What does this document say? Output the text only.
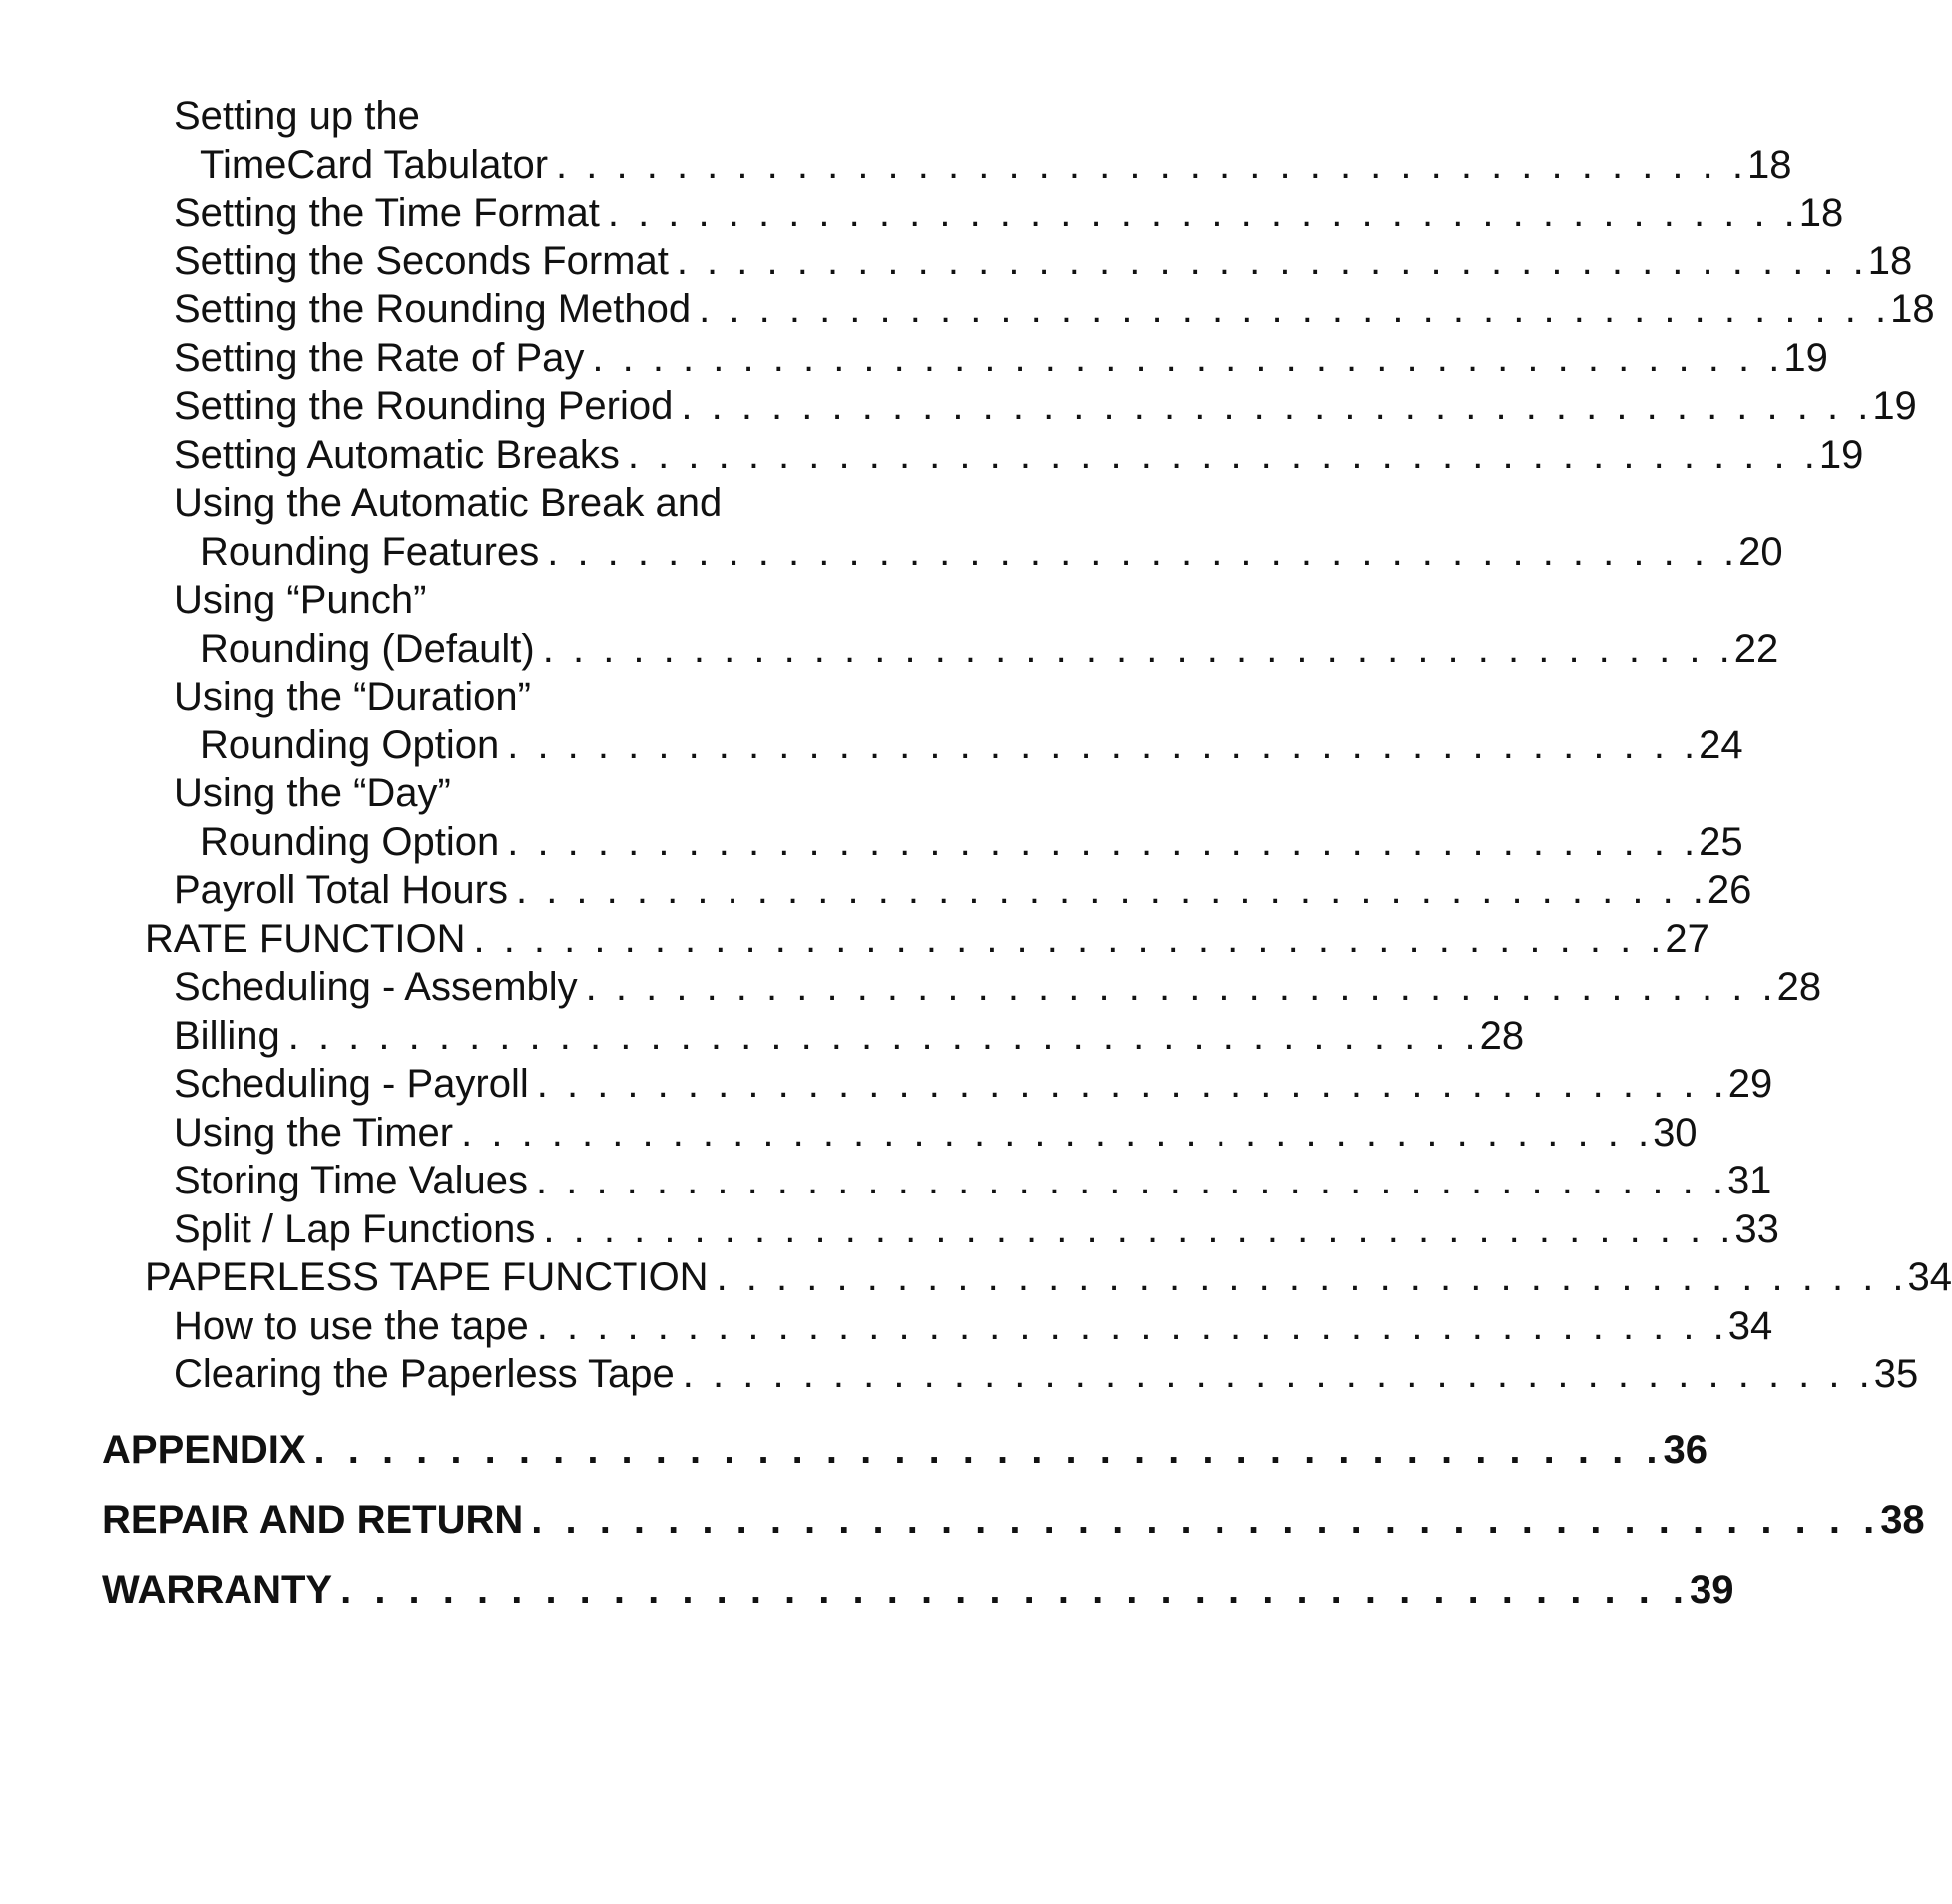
Setting up the
TimeCard Tabulator . . . . . . . . . . . . . . . . . . . . . . . . . . . . . . . . . . . . . . . . 18
Setting the Time Format . . . . . . . . . . . . . . . . . . . . . . . . . . . . . . . . . . . . . . . . 18
Setting the Seconds Format . . . . . . . . . . . . . . . . . . . . . . . . . . . . . . . . . . . . . . . . 18
Setting the Rounding Method . . . . . . . . . . . . . . . . . . . . . . . . . . . . . . . . . . . . . . . . 18
Setting the Rate of Pay . . . . . . . . . . . . . . . . . . . . . . . . . . . . . . . . . . . . . . . . 19
Setting the Rounding Period . . . . . . . . . . . . . . . . . . . . . . . . . . . . . . . . . . . . . . . . 19
Setting Automatic Breaks . . . . . . . . . . . . . . . . . . . . . . . . . . . . . . . . . . . . . . . . 19
Using the Automatic Break and
Rounding Features . . . . . . . . . . . . . . . . . . . . . . . . . . . . . . . . . . . . . . . . 20
Using “Punch”
Rounding (Default) . . . . . . . . . . . . . . . . . . . . . . . . . . . . . . . . . . . . . . . . 22
Using the “Duration”
Rounding Option . . . . . . . . . . . . . . . . . . . . . . . . . . . . . . . . . . . . . . . . 24
Using the “Day”
Rounding Option . . . . . . . . . . . . . . . . . . . . . . . . . . . . . . . . . . . . . . . . 25
Payroll Total Hours . . . . . . . . . . . . . . . . . . . . . . . . . . . . . . . . . . . . . . . . 26
RATE FUNCTION . . . . . . . . . . . . . . . . . . . . . . . . . . . . . . . . . . . . . . . . 27
Scheduling - Assembly . . . . . . . . . . . . . . . . . . . . . . . . . . . . . . . . . . . . . . . . 28
Billing . . . . . . . . . . . . . . . . . . . . . . . . . . . . . . . . . . . . . . . . 28
Scheduling - Payroll . . . . . . . . . . . . . . . . . . . . . . . . . . . . . . . . . . . . . . . . 29
Using the Timer . . . . . . . . . . . . . . . . . . . . . . . . . . . . . . . . . . . . . . . . 30
Storing Time Values . . . . . . . . . . . . . . . . . . . . . . . . . . . . . . . . . . . . . . . . 31
Split / Lap Functions . . . . . . . . . . . . . . . . . . . . . . . . . . . . . . . . . . . . . . . . 33
PAPERLESS TAPE FUNCTION . . . . . . . . . . . . . . . . . . . . . . . . . . . . . . . . . . . . . . . . 34
How to use the tape . . . . . . . . . . . . . . . . . . . . . . . . . . . . . . . . . . . . . . . . 34
Clearing the Paperless Tape . . . . . . . . . . . . . . . . . . . . . . . . . . . . . . . . . . . . . . . . 35
APPENDIX . . . . . . . . . . . . . . . . . . . . . . . . . . . . . . . . . . . . . . . . 36
REPAIR AND RETURN . . . . . . . . . . . . . . . . . . . . . . . . . . . . . . . . . . . . . . . . 38
WARRANTY . . . . . . . . . . . . . . . . . . . . . . . . . . . . . . . . . . . . . . . . 39
